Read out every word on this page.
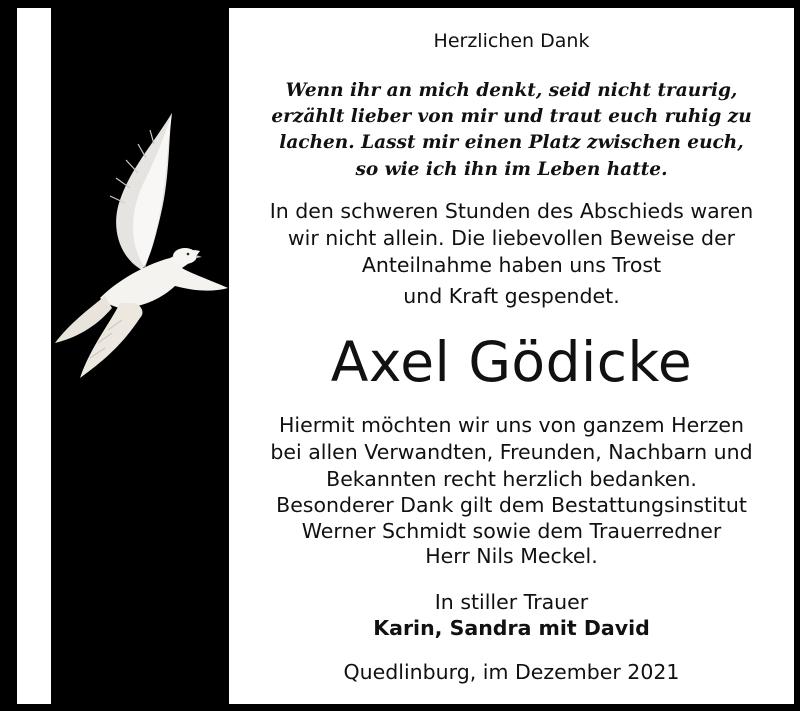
Herzlichen Dank
Wenn ihr an mich denkt, seid nicht traurig,
erzählt lieber von mir und traut euch ruhig zu
lachen. Lasst mir einen Platz zwischen euch,
so wie ich ihn im Leben hatte.
In den schweren Stunden des Abschieds waren
wir nicht allein. Die liebevollen Beweise der
Anteilnahme haben uns Trost
und Kraft gespendet.
Axel Gödicke
Hiermit möchten wir uns von ganzem Herzen
bei allen Verwandten, Freunden, Nachbarn und
Bekannten recht herzlich bedanken.
Besonderer Dank gilt dem Bestattungsinstitut
Werner Schmidt sowie dem Trauerredner
Herr Nils Meckel.
In stiller Trauer
Karin, Sandra mit David
Quedlinburg, im Dezember 2021
